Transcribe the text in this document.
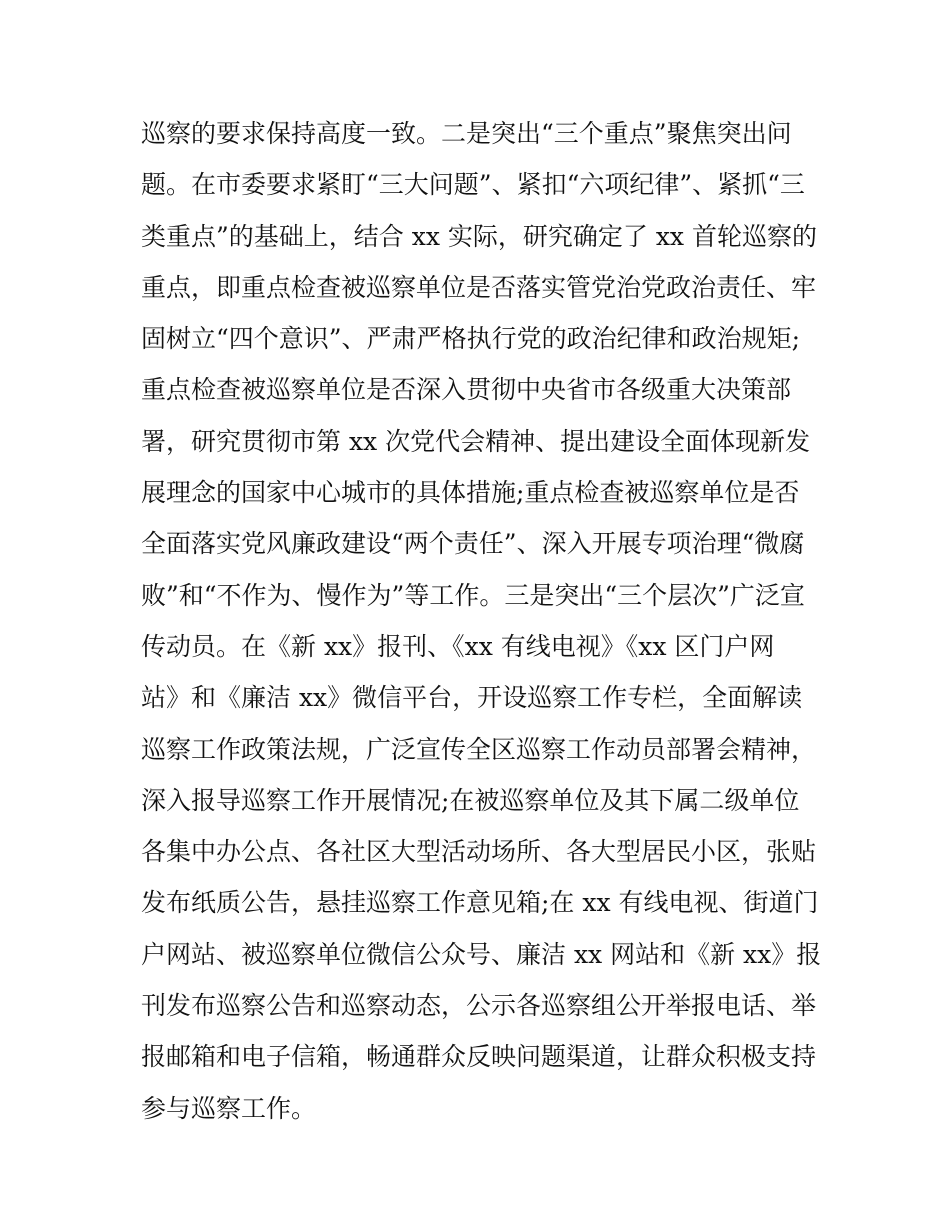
巡察的要求保持高度一致。二是突出“三个重点”聚焦突出问
题。在市委要求紧盯“三大问题”、紧扣“六项纪律”、紧抓“三
类重点”的基础上，结合 xx 实际，研究确定了 xx 首轮巡察的
重点，即重点检查被巡察单位是否落实管党治党政治责任、牢
固树立“四个意识”、严肃严格执行党的政治纪律和政治规矩;
重点检查被巡察单位是否深入贯彻中央省市各级重大决策部
署，研究贯彻市第 xx 次党代会精神、提出建设全面体现新发
展理念的国家中心城市的具体措施;重点检查被巡察单位是否
全面落实党风廉政建设“两个责任”、深入开展专项治理“微腐
败”和“不作为、慢作为”等工作。三是突出“三个层次”广泛宣
传动员。在《新 xx》报刊、《xx 有线电视》《xx 区门户网
站》和《廉洁 xx》微信平台，开设巡察工作专栏，全面解读
巡察工作政策法规，广泛宣传全区巡察工作动员部署会精神，
深入报导巡察工作开展情况;在被巡察单位及其下属二级单位
各集中办公点、各社区大型活动场所、各大型居民小区，张贴
发布纸质公告，悬挂巡察工作意见箱;在 xx 有线电视、街道门
户网站、被巡察单位微信公众号、廉洁 xx 网站和《新 xx》报
刊发布巡察公告和巡察动态，公示各巡察组公开举报电话、举
报邮箱和电子信箱，畅通群众反映问题渠道，让群众积极支持
参与巡察工作。
